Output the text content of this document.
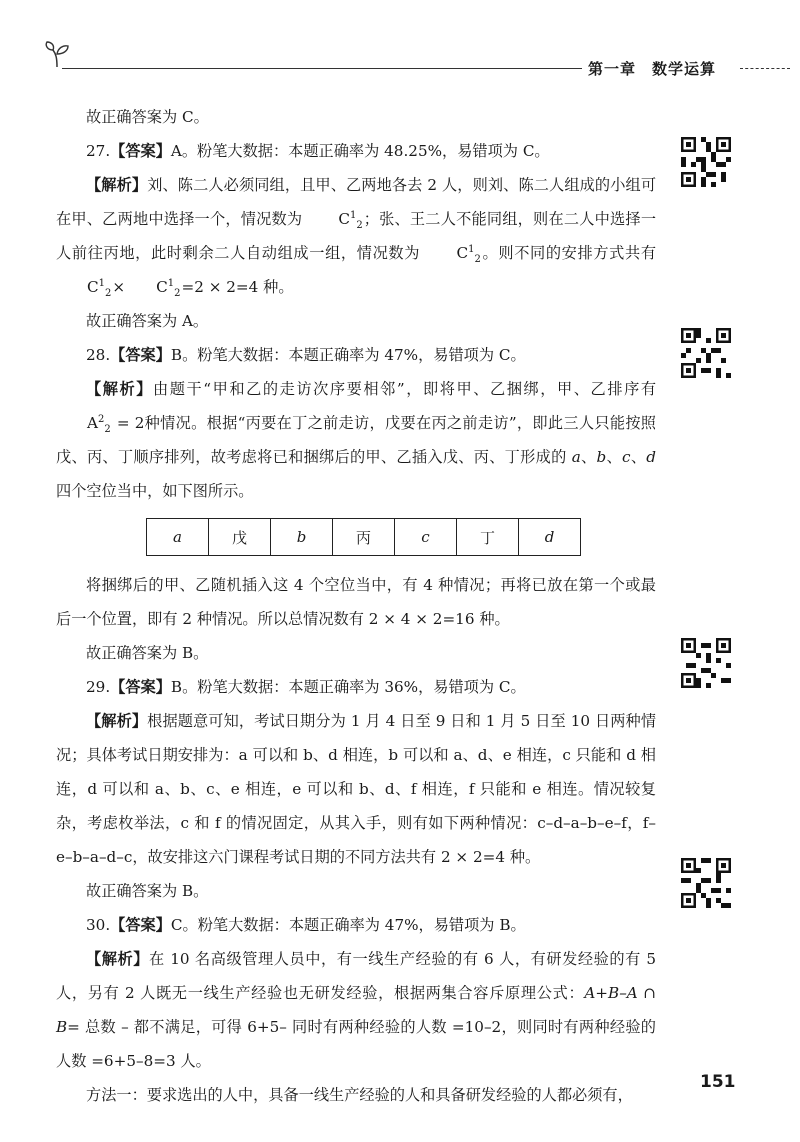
第一章 数学运算

故正确答案为 C。

27.【答案】A。粉笔大数据：本题正确率为 48.25%，易错项为 C。

【解析】刘、陈二人必须同组，且甲、乙两地各去 2 人，则刘、陈二人组成的小组可在甲、乙两地中选择一个，情况数为 $C^1_2$；张、王二人不能同组，则在二人中选择一人前往丙地，此时剩余二人自动组成一组，情况数为 $C^1_2$。则不同的安排方式共有 $C^1_2\times C^1_2=2 \times 2=4$ 种。

故正确答案为 A。

28.【答案】B。粉笔大数据：本题正确率为 47%，易错项为 C。

【解析】由题干“甲和乙的走访次序要相邻”，即将甲、乙捆绑，甲、乙排序有 $A^2_2 = 2$种情况。根据“丙要在丁之前走访，戊要在丙之前走访”，即此三人只能按照戊、丙、丁顺序排列，故考虑将已和捆绑后的甲、乙插入戊、丙、丁形成的 a、b、c、d 四个空位当中，如下图所示。

a	戊	b	丙	c	丁	d

将捆绑后的甲、乙随机插入这 4 个空位当中，有 4 种情况；再将已放在第一个或最后一个位置，即有 2 种情况。所以总情况数有 2 × 4 × 2=16 种。

故正确答案为 B。

29.【答案】B。粉笔大数据：本题正确率为 36%，易错项为 C。

【解析】根据题意可知，考试日期分为 1 月 4 日至 9 日和 1 月 5 日至 10 日两种情况；具体考试日期安排为：a 可以和 b、d 相连，b 可以和 a、d、e 相连，c 只能和 d 相连，d 可以和 a、b、c、e 相连，e 可以和 b、d、f 相连，f 只能和 e 相连。情况较复杂，考虑枚举法，c 和 f 的情况固定，从其入手，则有如下两种情况：c–d–a–b–e–f，f–e–b–a–d–c，故安排这六门课程考试日期的不同方法共有 2 × 2=4 种。

故正确答案为 B。

30.【答案】C。粉笔大数据：本题正确率为 47%，易错项为 B。

【解析】在 10 名高级管理人员中，有一线生产经验的有 6 人，有研发经验的有 5 人，另有 2 人既无一线生产经验也无研发经验，根据两集合容斥原理公式：A+B–A ∩ B= 总数 – 都不满足，可得 6+5– 同时有两种经验的人数 =10–2，则同时有两种经验的人数 =6+5–8=3 人。

方法一：要求选出的人中，具备一线生产经验的人和具备研发经验的人都必须有，

151
